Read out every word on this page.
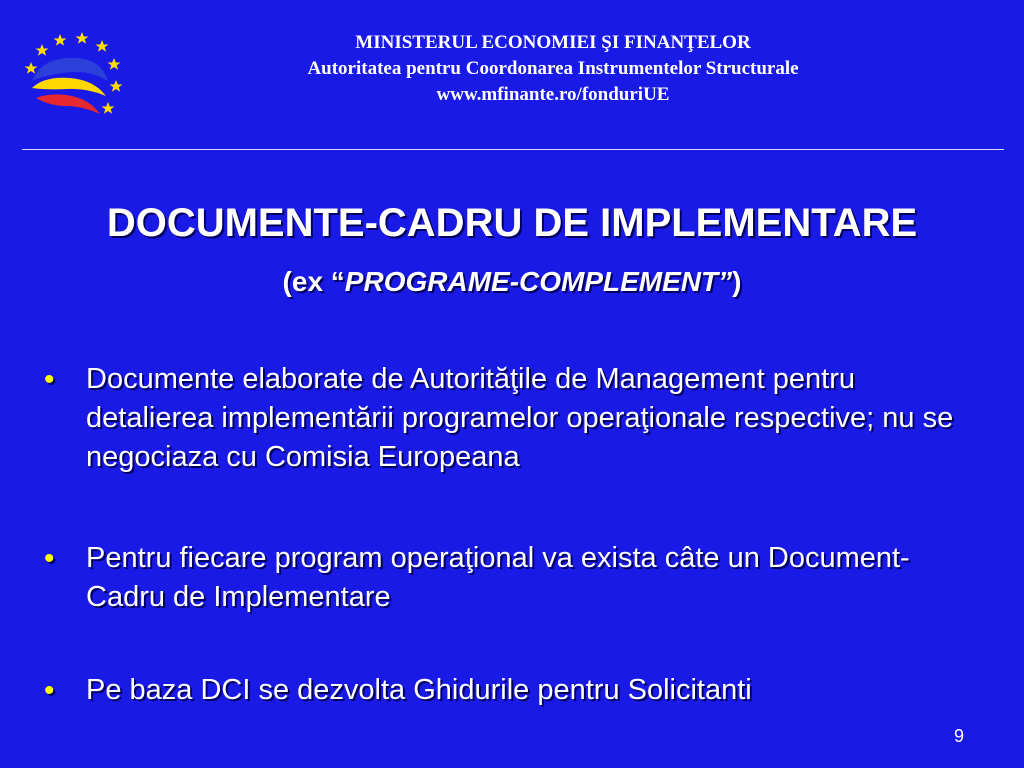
MINISTERUL ECONOMIEI ŞI FINANŢELOR
Autoritatea pentru Coordonarea Instrumentelor Structurale
www.mfinante.ro/fonduriUE
DOCUMENTE-CADRU DE IMPLEMENTARE
(ex “PROGRAME-COMPLEMENT”)
• Documente elaborate de Autorităţile de Management pentru detalierea implementării programelor operaţionale respective; nu se negociaza cu Comisia Europeana
• Pentru fiecare program operaţional va exista câte un Document-Cadru de Implementare
• Pe baza DCI se dezvolta Ghidurile pentru Solicitanti
9
